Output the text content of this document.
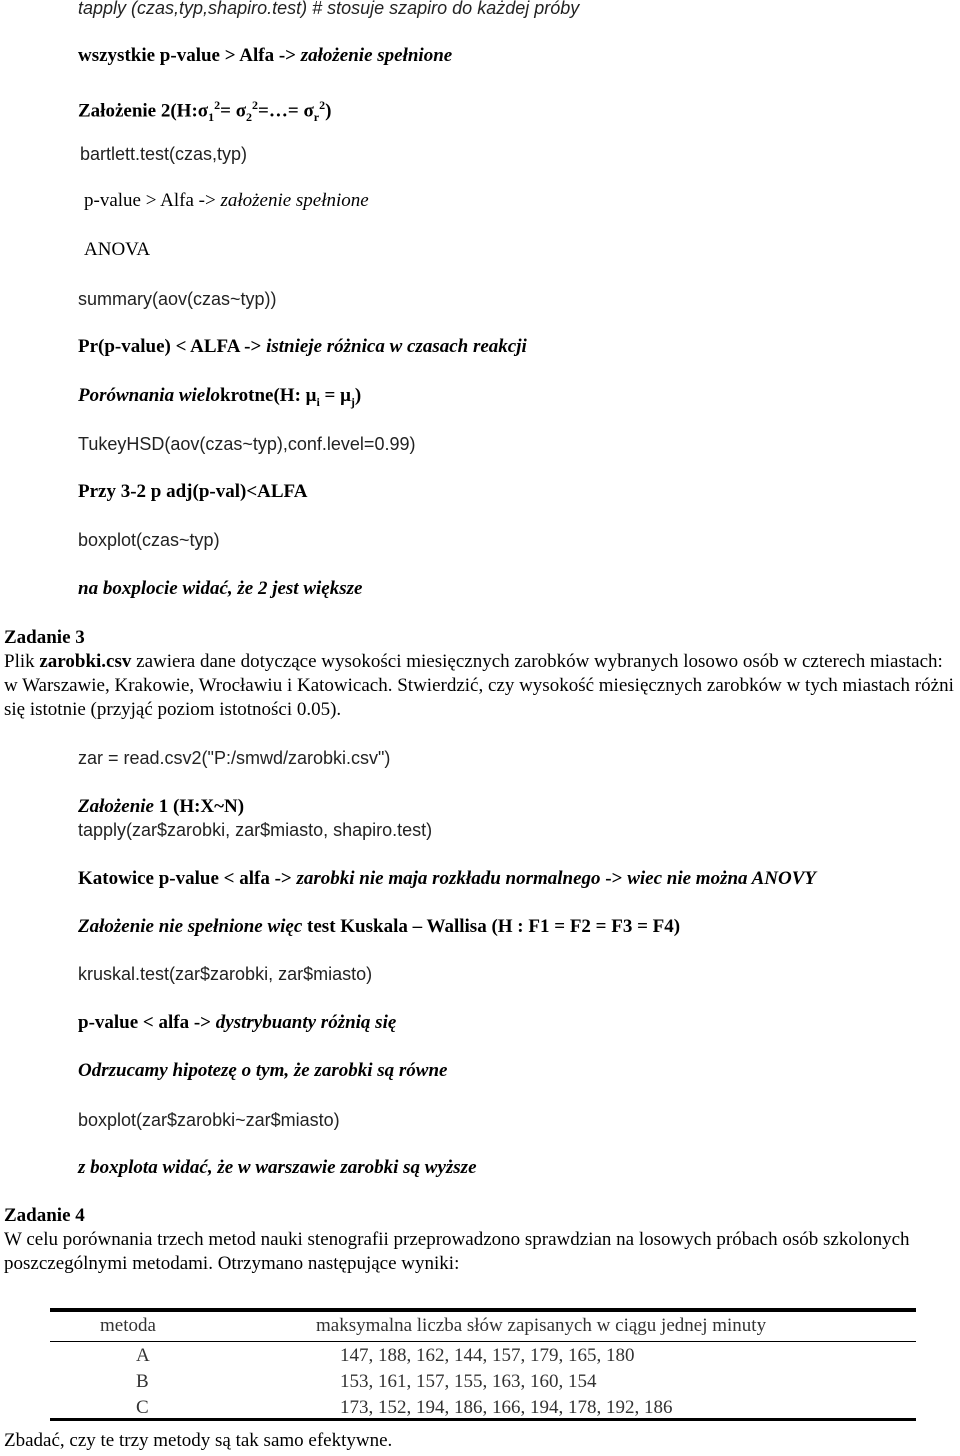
tapply (czas,typ,shapiro.test) # stosuje szapiro do każdej próby
wszystkie p-value > Alfa -> założenie spełnione
Założenie $2(H:\sigma_1^2=$ $\sigma_2^2=\dots= \sigma_r^2$)
bartlett.test(czas,typ)
p-value > Alfa -> założenie spełnione
ANOVA
summary(aov(czas~typ))
Pr(p-value) < ALFA -> istnieje różnica w czasach reakcji
Porównania wielokrotne(H: $\mu_i = \mu_j$)
TukeyHSD(aov(czas~typ),conf.level=0.99)
Przy 3-2 p adj(p-val)<ALFA
boxplot(czas~typ)
na boxplocie widać, że 2 jest większe
Zadanie 3
Plik zarobki.csv zawiera dane dotyczące wysokości miesięcznych zarobków wybranych losowo osób w czterech miastach: w Warszawie, Krakowie, Wrocławiu i Katowicach. Stwierdzić, czy wysokość miesięcznych zarobków w tych miastach różni się istotnie (przyjąć poziom istotności 0.05).
zar = read.csv2("P:/smwd/zarobki.csv")
Założenie 1 (H:X~N)
tapply(zar$zarobki, zar$miasto, shapiro.test)
Katowice p-value < alfa -> zarobki nie maja rozkładu normalnego -> wiec nie można ANOVY
Założenie nie spełnione więc test Kuskala – Wallisa (H : F1 = F2 = F3 = F4)
kruskal.test(zar$zarobki, zar$miasto)
p-value < alfa -> dystrybuanty różnią się
Odrzucamy hipotezę o tym, że zarobki są równe
boxplot(zar$zarobki~zar$miasto)
z boxplota widać, że w warszawie zarobki są wyższe
Zadanie 4
W celu porównania trzech metod nauki stenografii przeprowadzono sprawdzian na losowych próbach osób szkolonych poszczególnymi metodami. Otrzymano następujące wyniki:
metoda	maksymalna liczba słów zapisanych w ciągu jednej minuty
A	147, 188, 162, 144, 157, 179, 165, 180
B	153, 161, 157, 155, 163, 160, 154
C	173, 152, 194, 186, 166, 194, 178, 192, 186
Zbadać, czy te trzy metody są tak samo efektywne.
